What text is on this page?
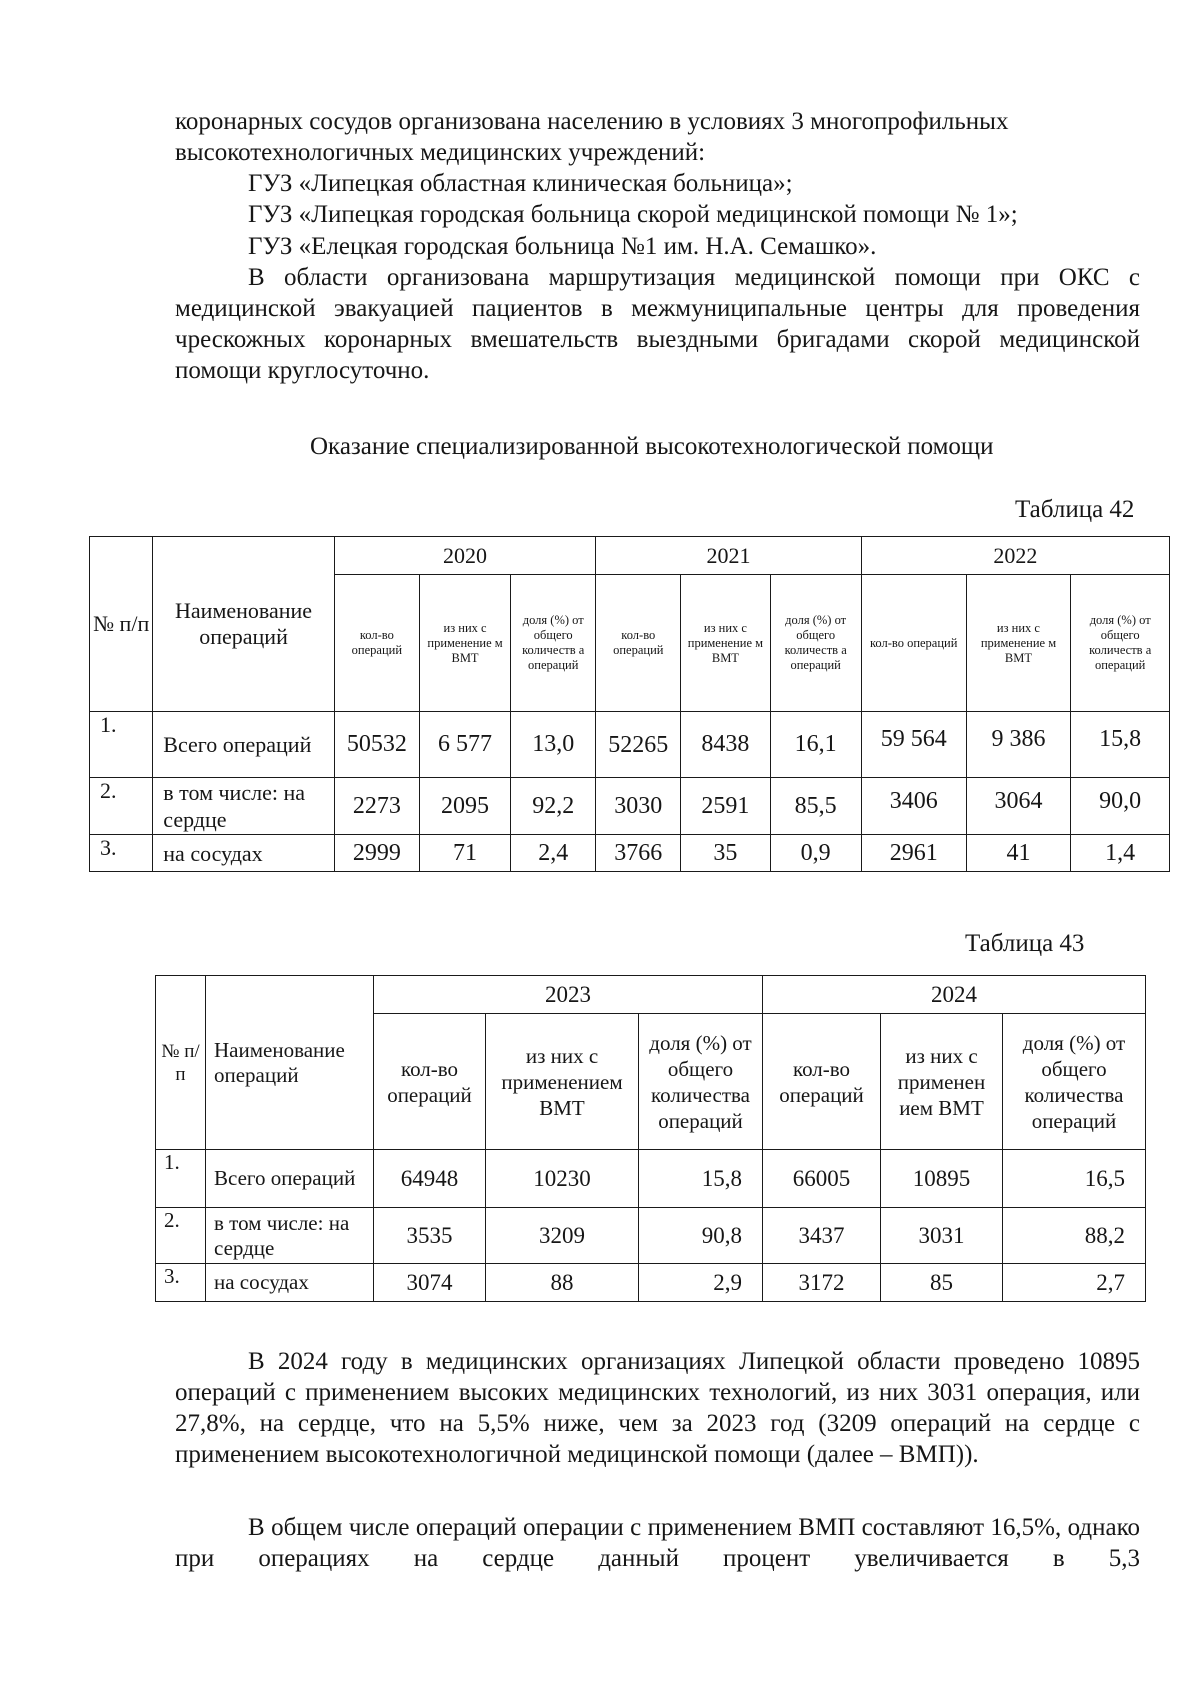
коронарных сосудов организована населению в условиях 3 многопрофильных
высокотехнологичных медицинских учреждений:

ГУЗ «Липецкая областная клиническая больница»;

ГУЗ «Липецкая городская больница скорой медицинской помощи № 1»;

ГУЗ «Елецкая городская больница №1 им. Н.А. Семашко».

В области организована маршрутизация медицинской помощи при ОКС с медицинской эвакуацией пациентов в межмуниципальные центры для проведения чрескожных коронарных вмешательств выездными бригадами скорой медицинской помощи круглосуточно.

Оказание специализированной высокотехнологической помощи

Таблица 42

№ п/п	Наименование операций	2020			2021			2022		
		кол-во операций	из них с применение м ВМТ	доля (%) от общего количеств а операций	кол-во операций	из них с применение м ВМТ	доля (%) от общего количеств а операций	кол-во операций	из них с применение м ВМТ	доля (%) от общего количеств а операций
1.	Всего операций	50532	6 577	13,0	52265	8438	16,1	59 564	9 386	15,8
2.	в том числе: на сердце	2273	2095	92,2	3030	2591	85,5	3406	3064	90,0
3.	на сосудах	2999	71	2,4	3766	35	0,9	2961	41	1,4

Таблица 43

№ п/п	Наименование операций	2023			2024		
		кол-во операций	из них с применением ВМТ	доля (%) от общего количества операций	кол-во операций	из них с применен ием ВМТ	доля (%) от общего количества операций
1.	Всего операций	64948	10230	15,8	66005	10895	16,5
2.	в том числе: на сердце	3535	3209	90,8	3437	3031	88,2
3.	на сосудах	3074	88	2,9	3172	85	2,7

В 2024 году в медицинских организациях Липецкой области проведено 10895 операций с применением высоких медицинских технологий, из них 3031 операция, или 27,8%, на сердце, что на 5,5% ниже, чем за 2023 год (3209 операций на сердце с применением высокотехнологичной медицинской помощи (далее – ВМП)).

В общем числе операций операции с применением ВМП составляют 16,5%, однако при операциях на сердце данный процент увеличивается в 5,3
